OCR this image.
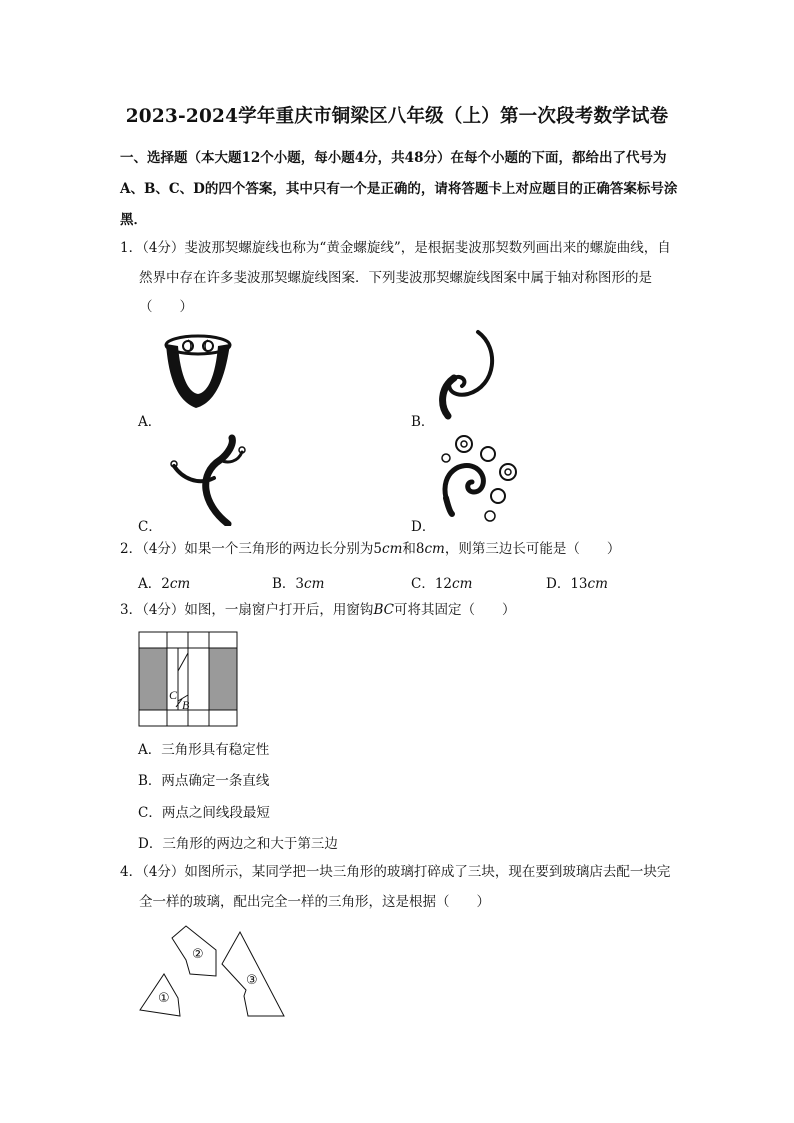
2023-2024学年重庆市铜梁区八年级（上）第一次段考数学试卷
一、选择题（本大题12个小题，每小题4分，共48分）在每个小题的下面，都给出了代号为A、B、C、D的四个答案，其中只有一个是正确的，请将答题卡上对应题目的正确答案标号涂黑．
1．（4分）斐波那契螺旋线也称为“黄金螺旋线”，是根据斐波那契数列画出来的螺旋曲线，自然界中存在许多斐波那契螺旋线图案．下列斐波那契螺旋线图案中属于轴对称图形的是（　　）
A．	B．
C．	D．
2．（4分）如果一个三角形的两边长分别为5cm和8cm，则第三边长可能是（　　）
A．2cm	B．3cm	C．12cm	D．13cm
3．（4分）如图，一扇窗户打开后，用窗钩BC可将其固定（　　）
C
B
A．三角形具有稳定性
B．两点确定一条直线
C．两点之间线段最短
D．三角形的两边之和大于第三边
4．（4分）如图所示，某同学把一块三角形的玻璃打碎成了三块，现在要到玻璃店去配一块完全一样的玻璃，配出完全一样的三角形，这是根据（　　）
①
②
③
